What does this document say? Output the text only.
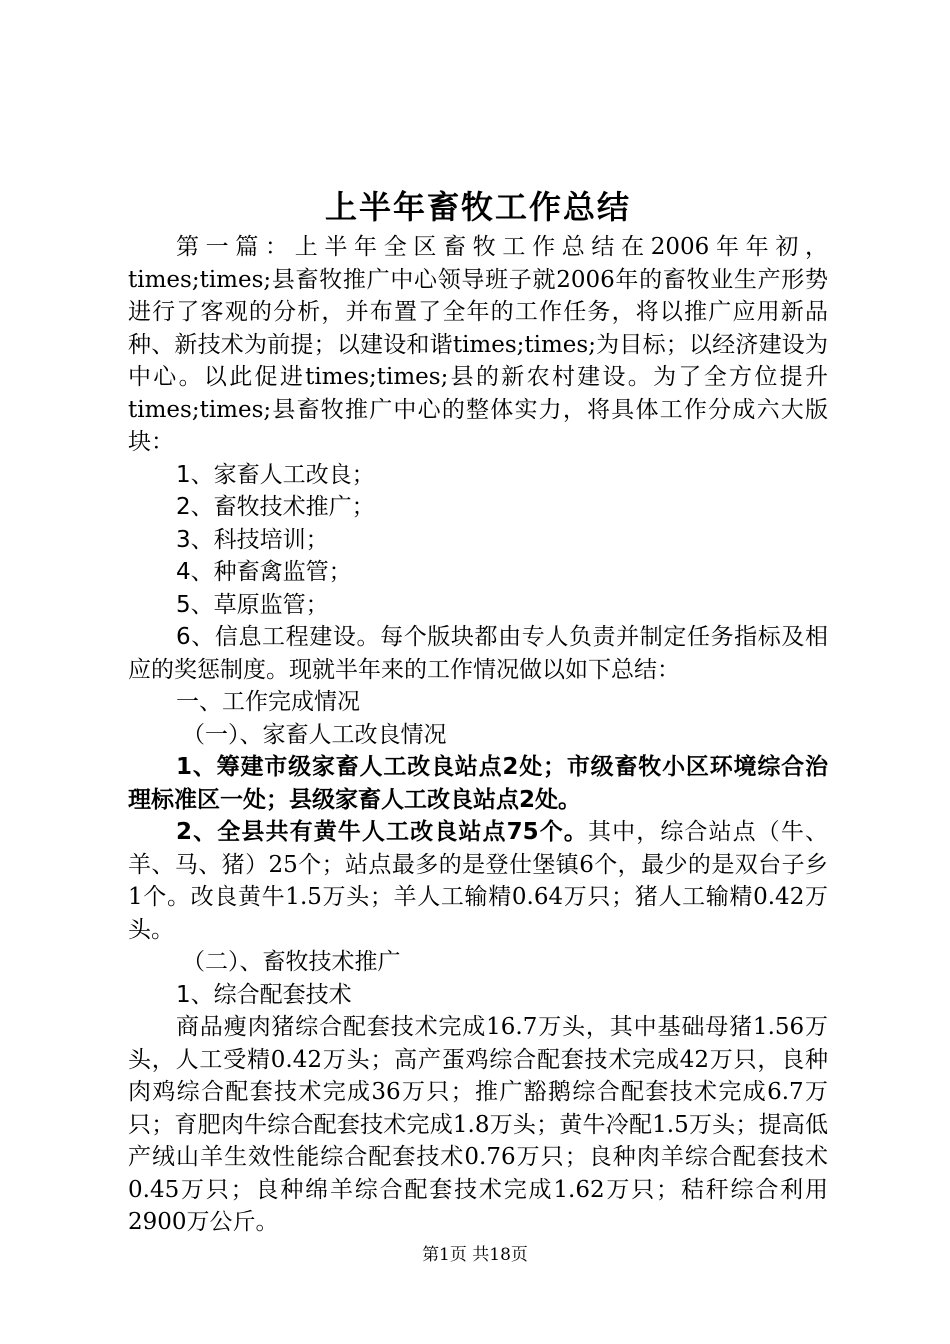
上半年畜牧工作总结

第一篇：上半年全区畜牧工作总结在2006年年初，times;times;县畜牧推广中心领导班子就2006年的畜牧业生产形势进行了客观的分析，并布置了全年的工作任务，将以推广应用新品种、新技术为前提；以建设和谐times;times;为目标；以经济建设为中心。以此促进times;times;县的新农村建设。为了全方位提升times;times;县畜牧推广中心的整体实力，将具体工作分成六大版块：

1、家畜人工改良；

2、畜牧技术推广；

3、科技培训；

4、种畜禽监管；

5、草原监管；

6、信息工程建设。每个版块都由专人负责并制定任务指标及相应的奖惩制度。现就半年来的工作情况做以如下总结：

一、工作完成情况

（一）、家畜人工改良情况

1、筹建市级家畜人工改良站点2处；市级畜牧小区环境综合治理标准区一处；县级家畜人工改良站点2处。

2、全县共有黄牛人工改良站点75个。其中，综合站点（牛、羊、马、猪）25个；站点最多的是登仕堡镇6个，最少的是双台子乡1个。改良黄牛1.5万头；羊人工输精0.64万只；猪人工输精0.42万头。

（二）、畜牧技术推广

1、综合配套技术

商品瘦肉猪综合配套技术完成16.7万头，其中基础母猪1.56万头，人工受精0.42万头；高产蛋鸡综合配套技术完成42万只，良种肉鸡综合配套技术完成36万只；推广豁鹅综合配套技术完成6.7万只；育肥肉牛综合配套技术完成1.8万头；黄牛冷配1.5万头；提高低产绒山羊生效性能综合配套技术0.76万只；良种肉羊综合配套技术0.45万只；良种绵羊综合配套技术完成1.62万只；秸秆综合利用2900万公斤。

第1页 共18页
